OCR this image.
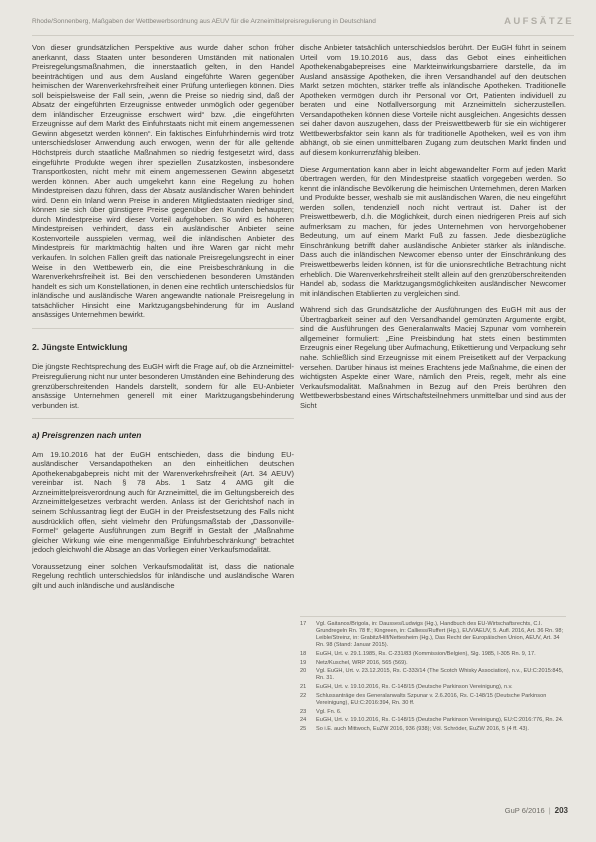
Rhode/Sonnenberg, Maßgaben der Wettbewerbsordnung aus AEUV für die Arzneimittelpreisregulierung in Deutschland	AUFSÄTZE

Von dieser grundsätzlichen Perspektive aus wurde daher schon früher anerkannt, dass Staaten unter besonderen Umständen mit nationalen Preisregelungsmaßnahmen, die innerstaatlich gelten, in den Handel beeinträchtigen und aus dem Ausland eingeführte Waren gegenüber heimischen der Warenverkehrsfreiheit einer Prüfung unterliegen können. Dies soll beispielsweise der Fall sein, „wenn die Preise so niedrig sind, daß der Absatz der eingeführten Erzeugnisse entweder unmöglich oder gegenüber dem inländischer Erzeugnisse erschwert wird“ bzw. „die eingeführten Erzeugnisse auf dem Markt des Einfuhrstaats nicht mit einem angemessenen Gewinn abgesetzt werden können“. Ein faktisches Einfuhrhindernis wird trotz unterschiedsloser Anwendung auch erwogen, wenn der für alle geltende Höchstpreis durch staatliche Maßnahmen so niedrig festgesetzt wird, dass eingeführte Produkte wegen ihrer speziellen Zusatzkosten, insbesondere Transportkosten, nicht mehr mit einem angemessenen Gewinn abgesetzt werden können. Aber auch umgekehrt kann eine Regelung zu hohen Mindestpreisen dazu führen, dass der Absatz ausländischer Waren behindert wird. Denn ein Inland wenn Preise in anderen Mitgliedstaaten niedriger sind, können sie sich über günstigere Preise gegenüber den Kunden behaupten; durch Mindestpreise wird dieser Vorteil aufgehoben. So wird es höheren Mindestpreisen verhindert, dass ein ausländischer Anbieter seine Kostenvorteile ausspielen vermag, weil die inländischen Anbieter des Mindestpreis für marktmächtig halten und ihre Waren gar nicht mehr verkaufen. In solchen Fällen greift das nationale Preisregelungsrecht in einer Weise in den Wettbewerb ein, die eine Preisbeschränkung in die Warenverkehrsfreiheit ist. Bei den verschiedenen besonderen Umständen handelt es sich um Konstellationen, in denen eine rechtlich unterschiedslos für inländische und ausländische Waren angewandte nationale Preisregelung in tatsächlicher Hinsicht eine Marktzugangsbehinderung für im Ausland ansässiges Unternehmen bewirkt.

2. Jüngste Entwicklung

Die jüngste Rechtsprechung des EuGH wirft die Frage auf, ob die Arzneimittel-Preisregulierung nicht nur unter besonderen Umständen eine Behinderung des grenzüberschreitenden Handels darstellt, sondern für alle EU-Anbieter ansässige Unternehmen generell mit einer Marktzugangsbehinderung verbunden ist.

a) Preisgrenzen nach unten

Am 19.10.2016 hat der EuGH entschieden, dass die bindung EU-ausländischer Versandapotheken an den einheitlichen deutschen Apothekenabgabepreis nicht mit der Warenverkehrsfreiheit (Art. 34 AEUV) vereinbar ist. Nach § 78 Abs. 1 Satz 4 AMG gilt die Arzneimittelpreisverordnung auch für Arzneimittel, die im Geltungsbereich des Arzneimittelgesetzes verbracht werden. Anlass ist der Gerichtshof nach in seinem Schlussantrag liegt der EuGH in der Preisfestsetzung des Falls nicht ausdrücklich offen, sieht vielmehr den Prüfungsmaßstab der „Dassonville-Formel“ gelagerte Ausführungen zum Begriff in Gestalt der „Maßnahme gleicher Wirkung wie eine mengenmäßige Einfuhrbeschränkung“ betrachtet jedoch gleichwohl die Absage an das Vorliegen einer Verkaufsmodalität.

Voraussetzung einer solchen Verkaufsmodalität ist, dass die nationale Regelung rechtlich unterschiedslos für inländische und ausländische Waren gilt und auch inländische und ausländische

dische Anbieter tatsächlich unterschiedslos berührt. Der EuGH führt in seinem Urteil vom 19.10.2016 aus, dass das Gebot eines einheitlichen Apothekenabgabepreises eine Markteinwirkungsbarriere darstelle, da im Ausland ansässige Apotheken, die ihren Versandhandel auf den deutschen Markt setzen möchten, stärker treffe als inländische Apotheken. Traditionelle Apotheken vermögen durch ihr Personal vor Ort, Patienten individuell zu beraten und eine Notfallversorgung mit Arzneimitteln sicherzustellen. Versandapotheken können diese Vorteile nicht ausgleichen. Angesichts dessen sei daher davon auszugehen, dass der Preiswettbewerb für sie ein wichtigerer Wettbewerbsfaktor sein kann als für traditionelle Apotheken, weil es von ihm abhängt, ob sie einen unmittelbaren Zugang zum deutschen Markt finden und auf diesem konkurrenzfähig bleiben.

Diese Argumentation kann aber in leicht abgewandelter Form auf jeden Markt übertragen werden, für den Mindestpreise staatlich vorgegeben werden. So kennt die inländische Bevölkerung die heimischen Unternehmen, deren Marken und Produkte besser, weshalb sie mit ausländischen Waren, die neu eingeführt werden sollen, tendenziell noch nicht vertraut ist. Daher ist der Preiswettbewerb, d.h. die Möglichkeit, durch einen niedrigeren Preis auf sich aufmerksam zu machen, für jedes Unternehmen von hervorgehobener Bedeutung, um auf einem Markt Fuß zu fassen. Jede diesbezügliche Einschränkung betrifft daher ausländische Anbieter stärker als inländische. Dass auch die inländischen Newcomer ebenso unter der Einschränkung des Preiswettbewerbs leiden können, ist für die unionsrechtliche Betrachtung nicht erheblich. Die Warenverkehrsfreiheit stellt allein auf den grenzüberschreitenden Handel ab, sodass die Marktzugangsmöglichkeiten ausländischer Newcomer mit inländischen Etablierten zu vergleichen sind.

Während sich das Grundsätzliche der Ausführungen des EuGH mit aus der Übertragbarkeit seiner auf den Versandhandel gemünzten Argumente ergibt, sind die Ausführungen des Generalanwalts Maciej Szpunar vom vornherein allgemeiner formuliert: „Eine Preisbindung hat stets einen bestimmten Erzeugnis einer Regelung über Aufmachung, Etikettierung und Verpackung sehr nahe. Schließlich sind Erzeugnisse mit einem Preisetikett auf der Verpackung versehen. Darüber hinaus ist meines Erachtens jede Maßnahme, die einen der wichtigsten Aspekte einer Ware, nämlich den Preis, regelt, mehr als eine Verkaufsmodalität. Maßnahmen in Bezug auf den Preis berühren den Wettbewerbsbestand eines Wirtschaftsteilnehmers unmittelbar und sind aus der Sicht

17	Vgl. Gaitanos/Brigola, in: Dausses/Ludwigs (Hg.), Handbuch des EU-Wirtschaftsrechts, C.I. Grundregeln Rn. 78 ff.; Kingreen, in: Calliess/Ruffert (Hg.), EUV/AEUV, 5. Aufl. 2016, Art. 36 Rn. 98; Leible/Streinz, in: Grabitz/Hilf/Nettesheim (Hg.), Das Recht der Europäischen Union, AEUV, Art. 34 Rn. 98 (Stand: Januar 2015).
18	EuGH, Urt. v. 29.1.1985, Rs. C-231/83 (Kommission/Belgien), Slg. 1985, I-305 Rn. 9, 17.
19	Netz/Kuschel, WRP 2016, 565 (569).
20	Vgl. EuGH, Urt. v. 23.12.2015, Rs. C-333/14 (The Scotch Whisky Association), n.v., EU:C:2015:845, Rn. 31.
21	EuGH, Urt. v. 19.10.2016, Rs. C-148/15 (Deutsche Parkinson Vereinigung), n.v.
22	Schlussanträge des Generalanwalts Szpunar v. 2.6.2016, Rs. C-148/15 (Deutsche Parkinson Vereinigung), EU:C:2016:394, Rn. 30 ff.
23	Vgl. Fn. 6.
24	EuGH, Urt. v. 19.10.2016, Rs. C-148/15 (Deutsche Parkinson Vereinigung), EU:C:2016:776, Rn. 24.
25	So i.E. auch Mittwoch, EuZW 2016, 936 (938); Völ. Schröder, EuZW 2016, 5 (4 ff. 43).
GuP 6/2016 | 203
